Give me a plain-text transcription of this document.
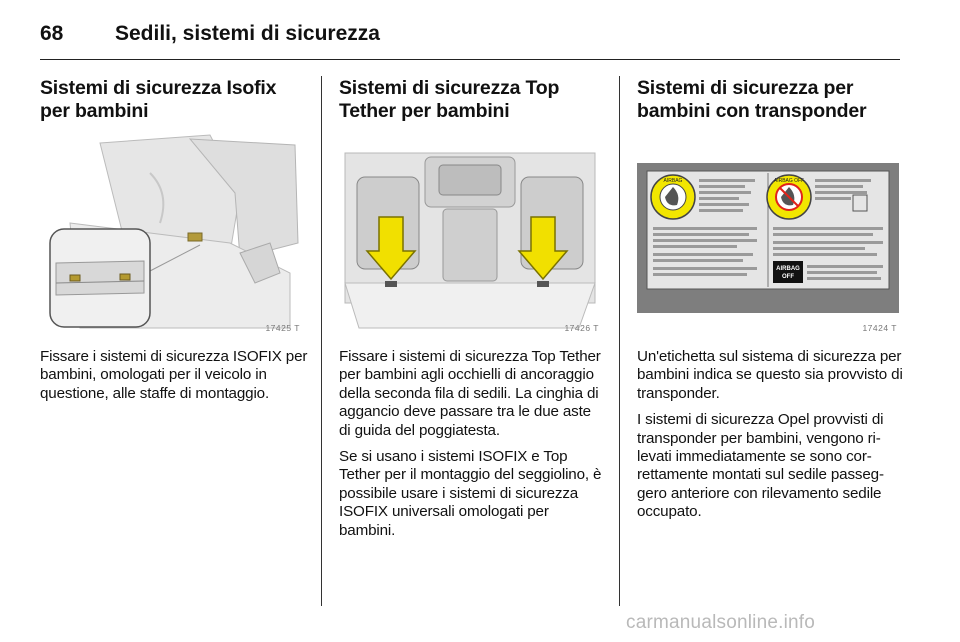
68 Sedili, sistemi di sicurezza
Sistemi di sicurezza Isofix per bambini
17425 T

Fissare i sistemi di sicurezza ISOFIX per bambini, omologati per il veicolo in questione, alle staffe di montaggio.

Sistemi di sicurezza Top Tether per bambini
17426 T

Fissare i sistemi di sicurezza Top Tether per bambini agli occhielli di ancoraggio della seconda fila di sedili. La cinghia di aggancio deve passare tra le due aste di guida del poggiatesta.

Se si usano i sistemi ISOFIX e Top Tether per il montaggio del seggiolino, è possibile usare i sistemi di sicurezza ISOFIX universali omologati per bambini.

Sistemi di sicurezza per bambini con transponder
AIRBAG	AIRBAG OFF
AIRBAG
OFF
17424 T

Un'etichetta sul sistema di sicurezza per bambini indica se questo sia provvisto di transponder.

I sistemi di sicurezza Opel provvisti di transponder per bambini, vengono rilevati immediatamente se sono correttamente montati sul sedile passeggero anteriore con rilevamento sedile occupato.

carmanualsonline.info
